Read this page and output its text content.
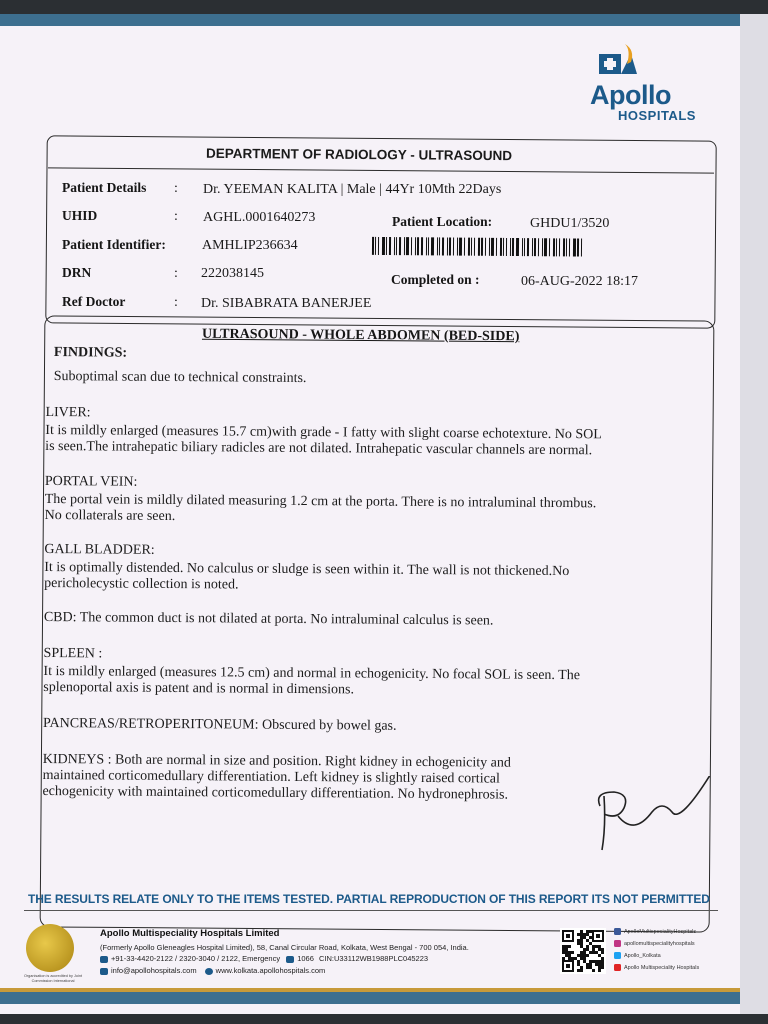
Apollo
HOSPITALS
DEPARTMENT OF RADIOLOGY - ULTRASOUND
Patient Details : Dr. YEEMAN KALITA | Male | 44Yr 10Mth 22Days
UHID	: AGHL.0001640273	Patient Location:	GHDU1/3520
Patient Identifier:	AMHLIP236634
DRN	: 222038145	Completed on :	06-AUG-2022 18:17
Ref Doctor	: Dr. SIBABRATA BANERJEE
ULTRASOUND - WHOLE ABDOMEN (BED-SIDE)
FINDINGS:

Suboptimal scan due to technical constraints.

LIVER:

It is mildly enlarged (measures 15.7 cm)with grade - I fatty with slight coarse echotexture. No SOL is seen.The intrahepatic biliary radicles are not dilated. Intrahepatic vascular channels are normal.

PORTAL VEIN:

The portal vein is mildly dilated measuring 1.2 cm at the porta. There is no intraluminal thrombus. No collaterals are seen.

GALL BLADDER:

It is optimally distended. No calculus or sludge is seen within it. The wall is not thickened.No pericholecystic collection is noted.

CBD: The common duct is not dilated at porta. No intraluminal calculus is seen.

SPLEEN :

It is mildly enlarged (measures 12.5 cm) and normal in echogenicity. No focal SOL is seen. The splenoportal axis is patent and is normal in dimensions.

PANCREAS/RETROPERITONEUM: Obscured by bowel gas.

KIDNEYS : Both are normal in size and position. Right kidney in echogenicity and maintained corticomedullary differentiation. Left kidney is slightly raised cortical echogenicity with maintained corticomedullary differentiation. No hydronephrosis.

THE RESULTS RELATE ONLY TO THE ITEMS TESTED. PARTIAL REPRODUCTION OF THIS REPORT ITS NOT PERMITTED
Organisation is accredited by Joint Commission International
Apollo Multispeciality Hospitals Limited
(Formerly Apollo Gleneagles Hospital Limited), 58, Canal Circular Road, Kolkata, West Bengal - 700 054, India.
+91-33-4420-2122 / 2320-3040 / 2122, Emergency 1066 CIN:U33112WB1988PLC045223
info@apollohospitals.com	www.kolkata.apollohospitals.com
ApolloMultispecialityHospitals
apollomultispecialityhospitals
Apollo_Kolkata
Apollo Multispeciality Hospitals
